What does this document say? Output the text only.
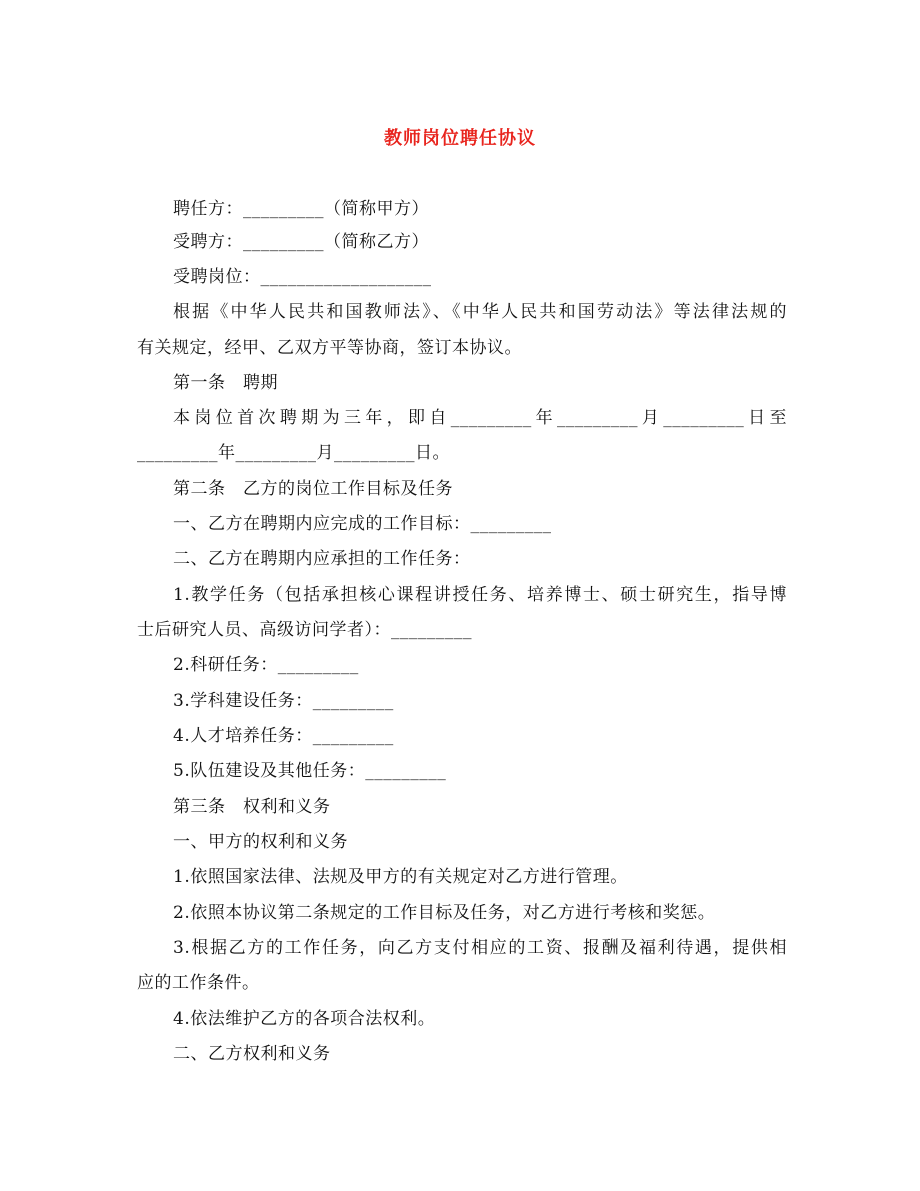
教师岗位聘任协议
聘任方：_________（简称甲方）
受聘方：_________（简称乙方）
受聘岗位：___________________
根据《中华人民共和国教师法》、《中华人民共和国劳动法》等法律法规的
有关规定，经甲、乙双方平等协商，签订本协议。
第一条　聘期
本岗位首次聘期为三年，即自_________年_________月_________日至
_________年_________月_________日。
第二条　乙方的岗位工作目标及任务
一、乙方在聘期内应完成的工作目标：_________
二、乙方在聘期内应承担的工作任务：
1.教学任务（包括承担核心课程讲授任务、培养博士、硕士研究生，指导博
士后研究人员、高级访问学者）：_________
2.科研任务：_________
3.学科建设任务：_________
4.人才培养任务：_________
5.队伍建设及其他任务：_________
第三条　权利和义务
一、甲方的权利和义务
1.依照国家法律、法规及甲方的有关规定对乙方进行管理。
2.依照本协议第二条规定的工作目标及任务，对乙方进行考核和奖惩。
3.根据乙方的工作任务，向乙方支付相应的工资、报酬及福利待遇，提供相
应的工作条件。
4.依法维护乙方的各项合法权利。
二、乙方权利和义务
